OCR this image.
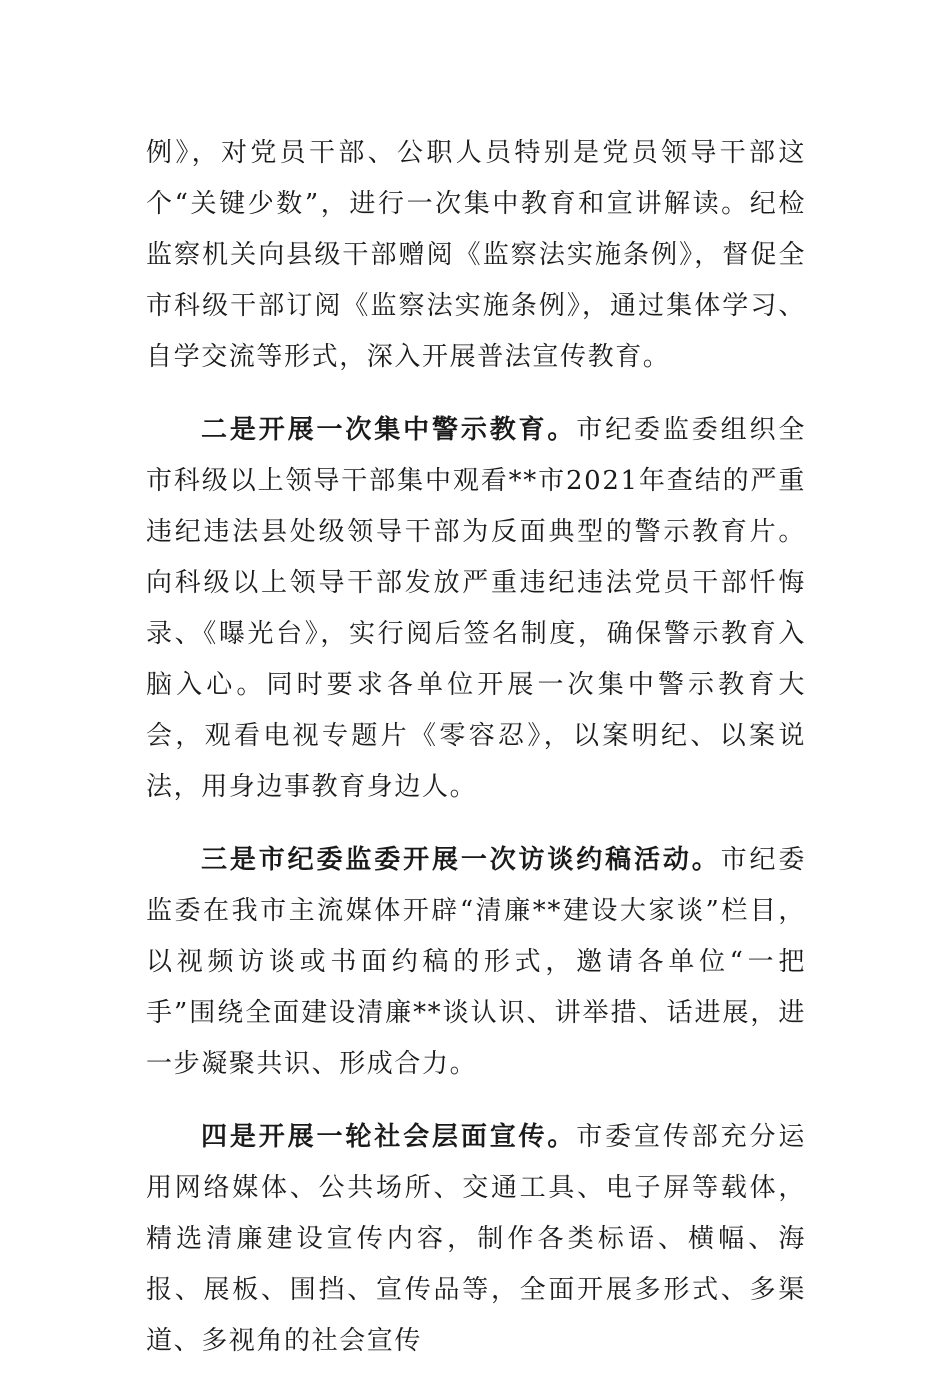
例》，对党员干部、公职人员特别是党员领导干部这个“关键少数”，进行一次集中教育和宣讲解读。纪检监察机关向县级干部赠阅《监察法实施条例》，督促全市科级干部订阅《监察法实施条例》，通过集体学习、自学交流等形式，深入开展普法宣传教育。

二是开展一次集中警示教育。市纪委监委组织全市科级以上领导干部集中观看**市2021年查结的严重违纪违法县处级领导干部为反面典型的警示教育片。向科级以上领导干部发放严重违纪违法党员干部忏悔录、《曝光台》，实行阅后签名制度，确保警示教育入脑入心。同时要求各单位开展一次集中警示教育大会，观看电视专题片《零容忍》，以案明纪、以案说法，用身边事教育身边人。

三是市纪委监委开展一次访谈约稿活动。市纪委监委在我市主流媒体开辟“清廉**建设大家谈”栏目，以视频访谈或书面约稿的形式，邀请各单位“一把手”围绕全面建设清廉**谈认识、讲举措、话进展，进一步凝聚共识、形成合力。

四是开展一轮社会层面宣传。市委宣传部充分运用网络媒体、公共场所、交通工具、电子屏等载体，精选清廉建设宣传内容，制作各类标语、横幅、海报、展板、围挡、宣传品等，全面开展多形式、多渠道、多视角的社会宣传
